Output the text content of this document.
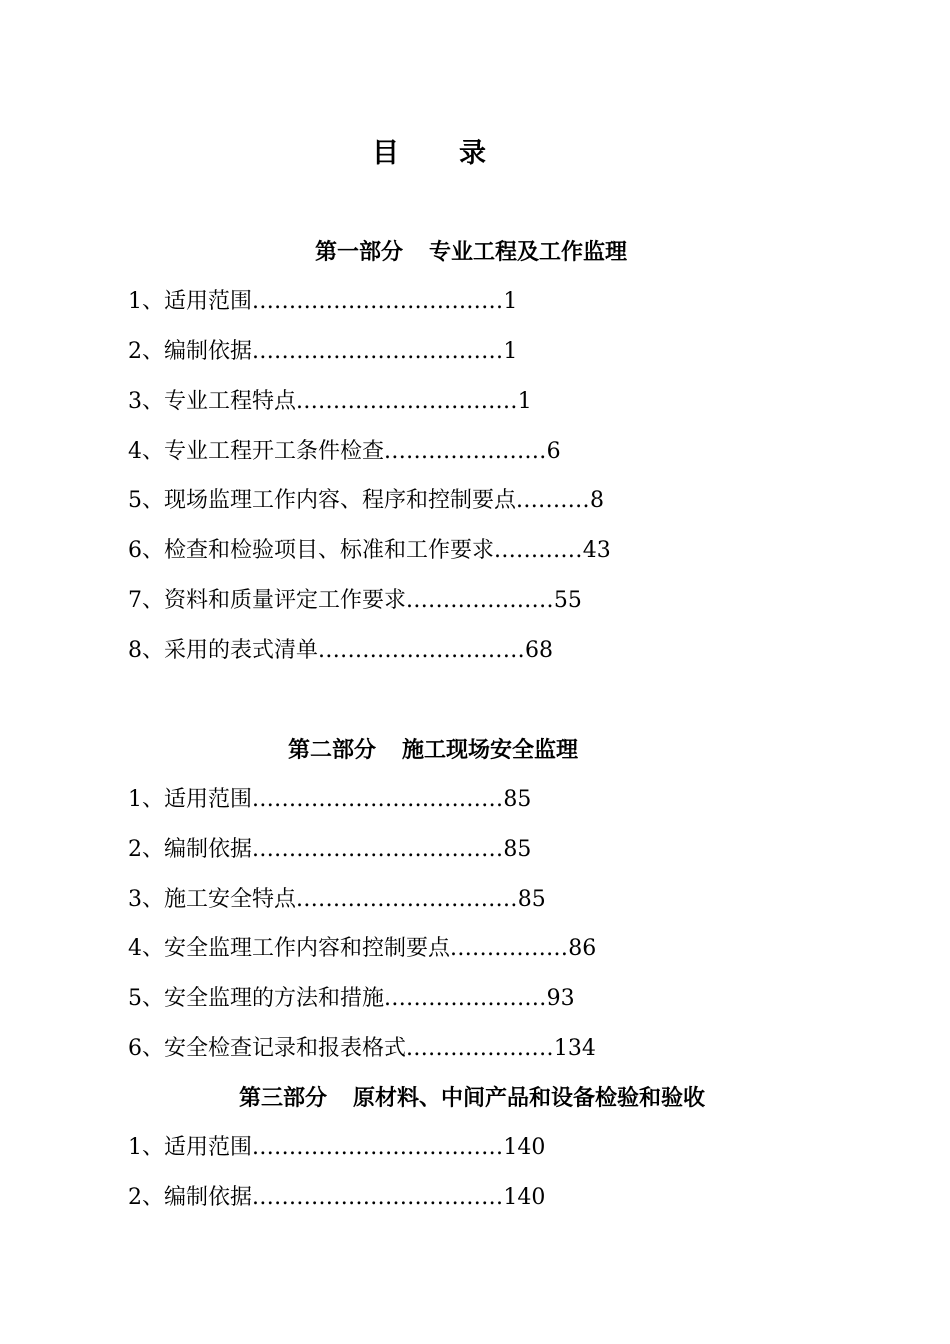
目 录
第一部分 专业工程及工作监理
1、适用范围..................................1
2、编制依据..................................1
3、专业工程特点..............................1
4、专业工程开工条件检查......................6
5、现场监理工作内容、程序和控制要点..........8
6、检查和检验项目、标准和工作要求............43
7、资料和质量评定工作要求....................55
8、采用的表式清单............................68
第二部分 施工现场安全监理
1、适用范围..................................85
2、编制依据..................................85
3、施工安全特点..............................85
4、安全监理工作内容和控制要点................86
5、安全监理的方法和措施......................93
6、安全检查记录和报表格式....................134
第三部分 原材料、中间产品和设备检验和验收
1、适用范围..................................140
2、编制依据..................................140
